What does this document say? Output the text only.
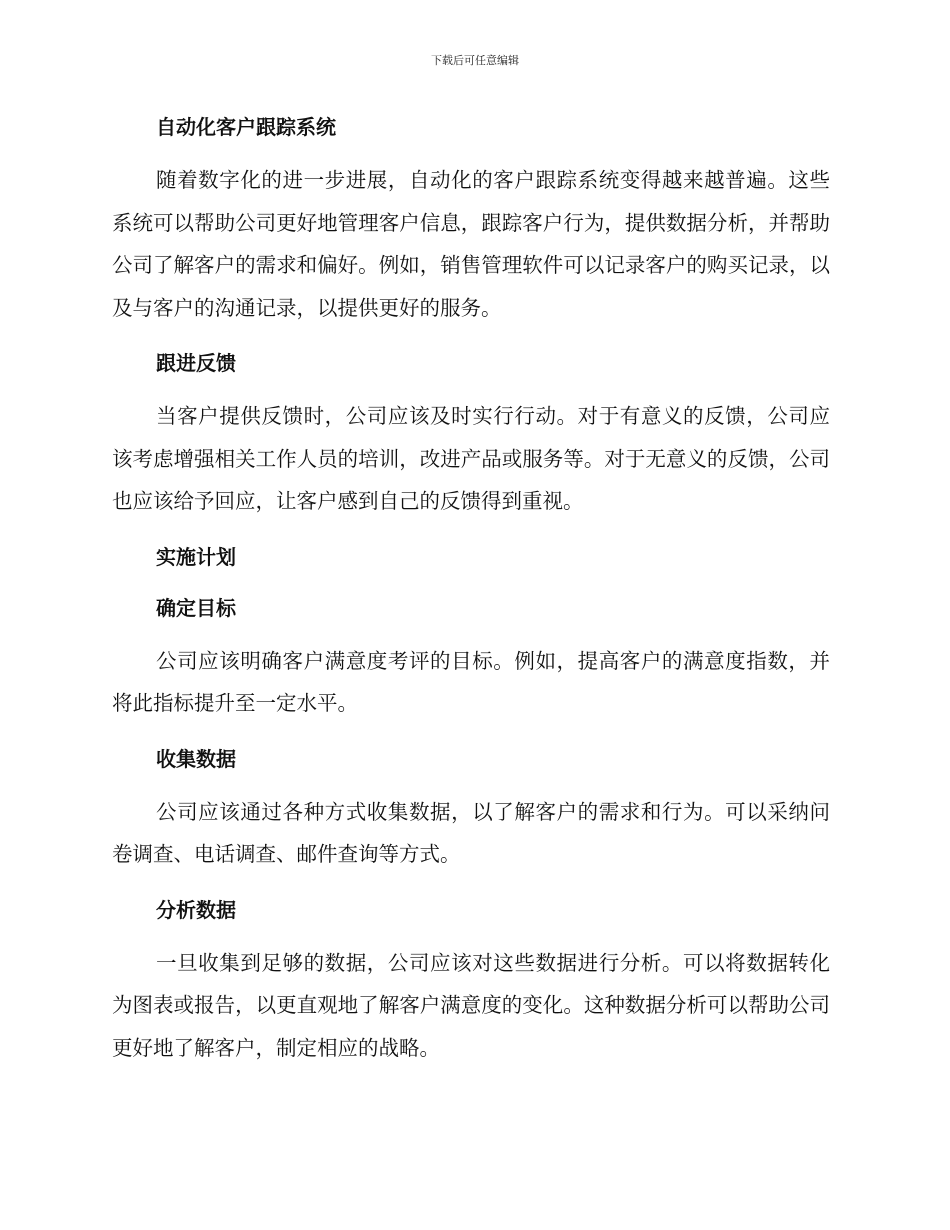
下载后可任意编辑
自动化客户跟踪系统

随着数字化的进一步进展，自动化的客户跟踪系统变得越来越普遍。这些系统可以帮助公司更好地管理客户信息，跟踪客户行为，提供数据分析，并帮助公司了解客户的需求和偏好。例如，销售管理软件可以记录客户的购买记录，以及与客户的沟通记录，以提供更好的服务。

跟进反馈

当客户提供反馈时，公司应该及时实行行动。对于有意义的反馈，公司应该考虑增强相关工作人员的培训，改进产品或服务等。对于无意义的反馈，公司也应该给予回应，让客户感到自己的反馈得到重视。

实施计划
确定目标

公司应该明确客户满意度考评的目标。例如，提高客户的满意度指数，并将此指标提升至一定水平。

收集数据

公司应该通过各种方式收集数据，以了解客户的需求和行为。可以采纳问卷调查、电话调查、邮件查询等方式。

分析数据

一旦收集到足够的数据，公司应该对这些数据进行分析。可以将数据转化为图表或报告，以更直观地了解客户满意度的变化。这种数据分析可以帮助公司更好地了解客户，制定相应的战略。
